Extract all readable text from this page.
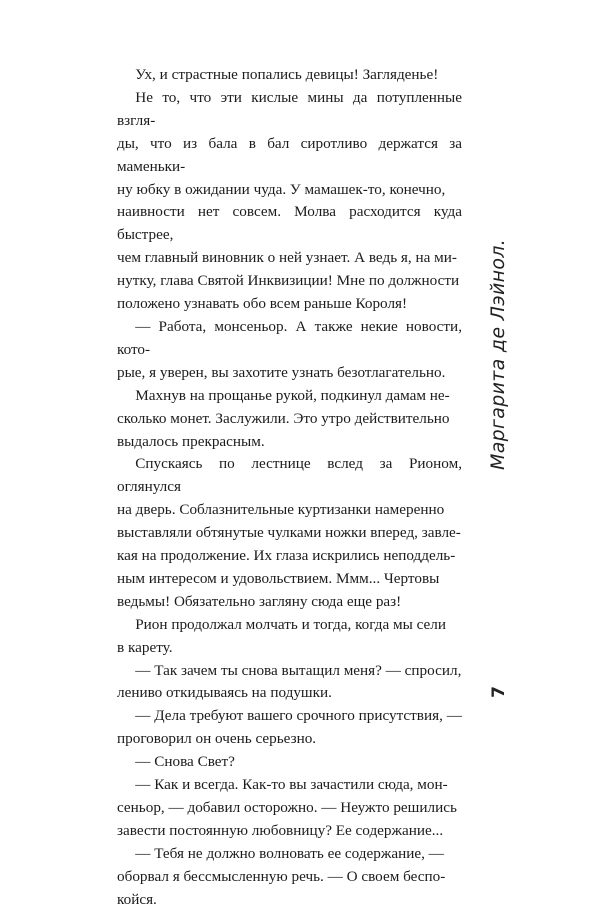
Ух, и страстные попались девицы! Загляденье!

Не то, что эти кислые мины да потупленные взгля-
ды, что из бала в бал сиротливо держатся за маменьки-
ну юбку в ожидании чуда. У мамашек-то, конечно,
наивности нет совсем. Молва расходится куда быстрее,
чем главный виновник о ней узнает. А ведь я, на ми-
нутку, глава Святой Инквизиции! Мне по должности
положено узнавать обо всем раньше Короля!

— Работа, монсеньор. А также некие новости, кото-
рые, я уверен, вы захотите узнать безотлагательно.

Махнув на прощанье рукой, подкинул дамам не-
сколько монет. Заслужили. Это утро действительно
выдалось прекрасным.

Спускаясь по лестнице вслед за Рионом, оглянулся
на дверь. Соблазнительные куртизанки намеренно
выставляли обтянутые чулками ножки вперед, завле-
кая на продолжение. Их глаза искрились неподдель-
ным интересом и удовольствием. Ммм... Чертовы
ведьмы! Обязательно загляну сюда еще раз!

Рион продолжал молчать и тогда, когда мы сели
в карету.

— Так зачем ты снова вытащил меня? — спросил,
лениво откидываясь на подушки.

— Дела требуют вашего срочного присутствия, —
проговорил он очень серьезно.

— Снова Свет?

— Как и всегда. Как-то вы зачастили сюда, мон-
сеньор, — добавил осторожно. — Неужто решились
завести постоянную любовницу? Ее содержание...

— Тебя не должно волновать ее содержание, —
оборвал я бессмысленную речь. — О своем беспо-
койся.

Маргарита де Лэйнол.
7
